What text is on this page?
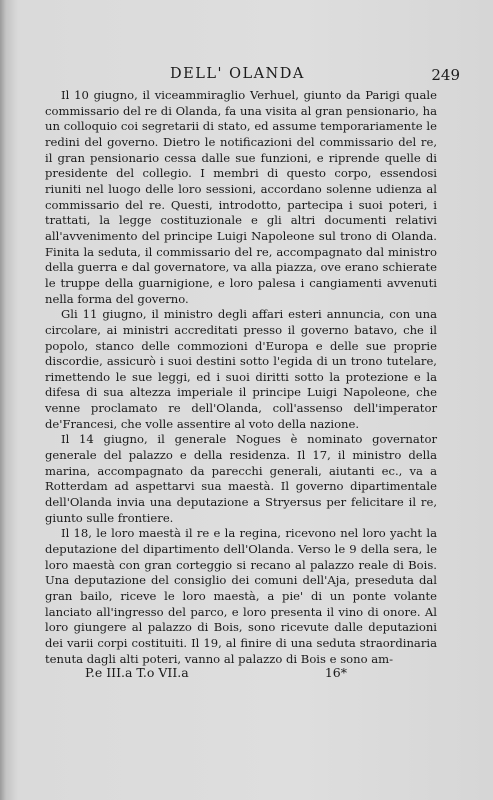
DELL' OLANDA	249

Il 10 giugno, il viceammiraglio Verhuel, giunto da Parigi quale commissario del re di Olanda, fa una visita al gran pensionario, ha un colloquio coi segretarii di stato, ed assume temporariamente le redini del governo. Dietro le notificazioni del commissario del re, il gran pensionario cessa dalle sue funzioni, e riprende quelle di presidente del collegio. I membri di questo corpo, essendosi riuniti nel luogo delle loro sessioni, accordano solenne udienza al commissario del re. Questi, introdotto, partecipa i suoi poteri, i trattati, la legge costituzionale e gli altri documenti relativi all'avvenimento del principe Luigi Napoleone sul trono di Olanda. Finita la seduta, il commissario del re, accompagnato dal ministro della guerra e dal governatore, va alla piazza, ove erano schierate le truppe della guarnigione, e loro palesa i cangiamenti avvenuti nella forma del governo.

Gli 11 giugno, il ministro degli affari esteri annuncia, con una circolare, ai ministri accreditati presso il governo batavo, che il popolo, stanco delle commozioni d'Europa e delle sue proprie discordie, assicurò i suoi destini sotto l'egida di un trono tutelare, rimettendo le sue leggi, ed i suoi diritti sotto la protezione e la difesa di sua altezza imperiale il principe Luigi Napoleone, che venne proclamato re dell'Olanda, coll'assenso dell'imperator de'Francesi, che volle assentire al voto della nazione.

Il 14 giugno, il generale Nogues è nominato governator generale del palazzo e della residenza. Il 17, il ministro della marina, accompagnato da parecchi generali, aiutanti ec., va a Rotterdam ad aspettarvi sua maestà. Il governo dipartimentale dell'Olanda invia una deputazione a Stryersus per felicitare il re, giunto sulle frontiere.

Il 18, le loro maestà il re e la regina, ricevono nel loro yacht la deputazione del dipartimento dell'Olanda. Verso le 9 della sera, le loro maestà con gran corteggio si recano al palazzo reale di Bois. Una deputazione del consiglio dei comuni dell'Aja, preseduta dal gran bailo, riceve le loro maestà, a pie' di un ponte volante lanciato all'ingresso del parco, e loro presenta il vino di onore. Al loro giungere al palazzo di Bois, sono ricevute dalle deputazioni dei varii corpi costituiti. Il 19, al finire di una seduta straordinaria tenuta dagli alti poteri, vanno al palazzo di Bois e sono am-

P.e III.a T.o VII.a	16*
